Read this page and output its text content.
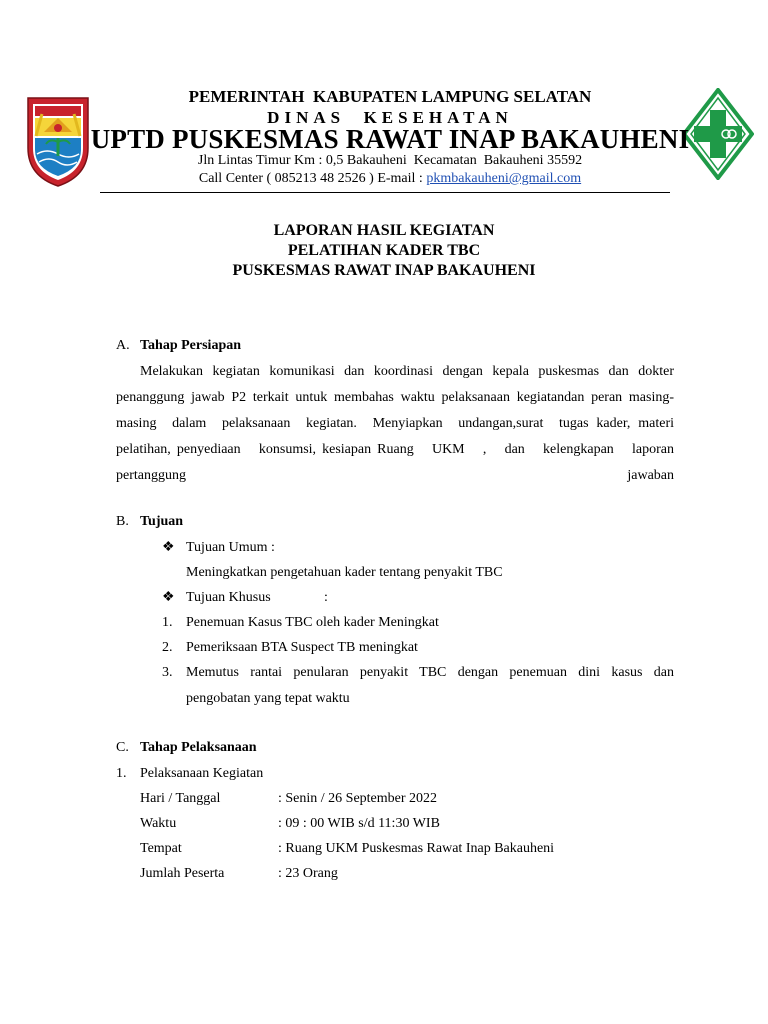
PEMERINTAH  KABUPATEN LAMPUNG SELATAN
DINAS  KESEHATAN
UPTD PUSKESMAS RAWAT INAP BAKAUHENI
Jln Lintas Timur Km : 0,5 Bakauheni  Kecamatan  Bakauheni 35592
Call Center ( 085213 48 2526 ) E-mail : pkmbakauheni@gmail.com
LAPORAN HASIL KEGIATAN
PELATIHAN KADER TBC
PUSKESMAS RAWAT INAP BAKAUHENI
A. Tahap Persiapan
Melakukan kegiatan komunikasi dan koordinasi dengan kepala puskesmas dan dokter
penanggung jawab P2 terkait untuk membahas waktu pelaksanaan kegiatandan peran masing-
masing  dalam  pelaksanaan  kegiatan.  Menyiapkan  undangan,surat  tugas kader, materi
pelatihan, penyediaan   konsumsi, kesiapan Ruang   UKM   ,   dan   kelengkapan   laporan
pertanggung jawaban
B. Tujuan
❖ Tujuan Umum :
Meningkatkan pengetahuan kader tentang penyakit TBC
❖ Tujuan Khusus	:
1. Penemuan Kasus TBC oleh kader Meningkat
2. Pemeriksaan BTA Suspect TB meningkat
3. Memutus rantai penularan penyakit TBC dengan penemuan dini kasus dan
pengobatan yang tepat waktu
C. Tahap Pelaksanaan
1. Pelaksanaan Kegiatan
Hari / Tanggal	: Senin / 26 September 2022
Waktu	: 09 : 00 WIB s/d 11:30 WIB
Tempat	: Ruang UKM Puskesmas Rawat Inap Bakauheni
Jumlah Peserta	: 23 Orang
